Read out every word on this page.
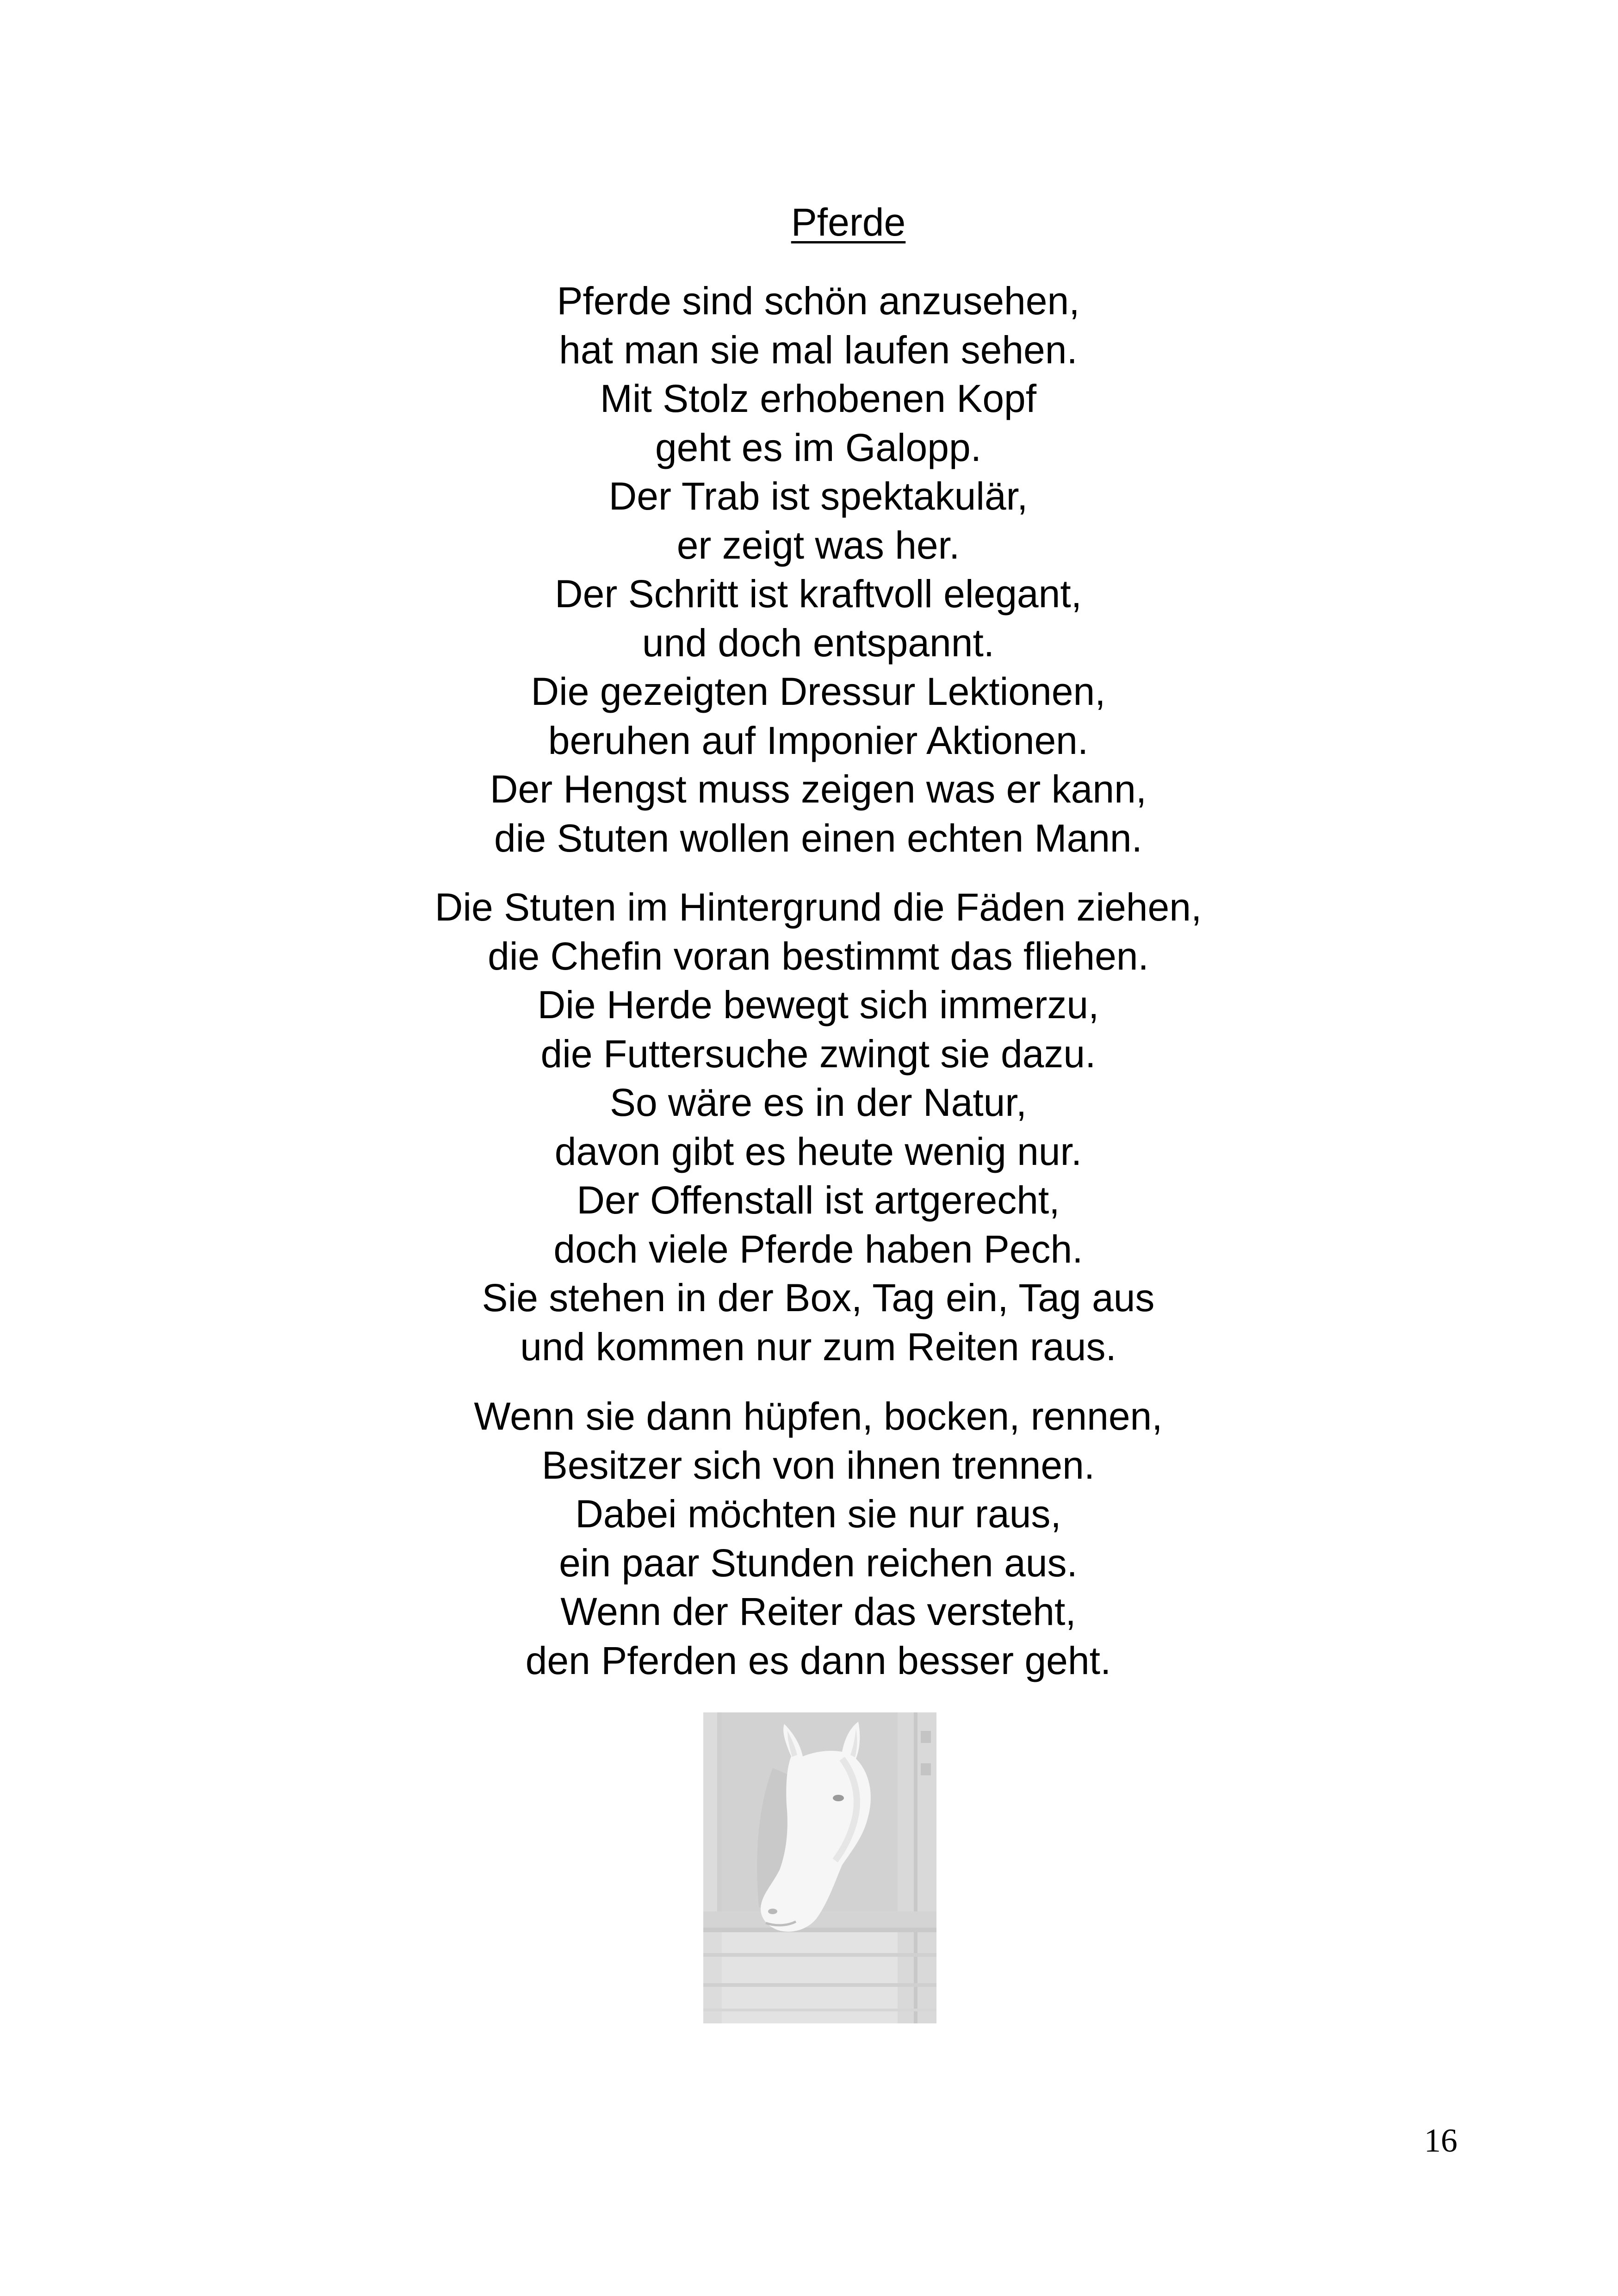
Pferde
Pferde sind schön anzusehen,
hat man sie mal laufen sehen.
Mit Stolz erhobenen Kopf
geht es im Galopp.
Der Trab ist spektakulär,
er zeigt was her.
Der Schritt ist kraftvoll elegant,
und doch entspannt.
Die gezeigten Dressur Lektionen,
beruhen auf Imponier Aktionen.
Der Hengst muss zeigen was er kann,
die Stuten wollen einen echten Mann.
Die Stuten im Hintergrund die Fäden ziehen,
die Chefin voran bestimmt das fliehen.
Die Herde bewegt sich immerzu,
die Futtersuche zwingt sie dazu.
So wäre es in der Natur,
davon gibt es heute wenig nur.
Der Offenstall ist artgerecht,
doch viele Pferde haben Pech.
Sie stehen in der Box, Tag ein, Tag aus
und kommen nur zum Reiten raus.
Wenn sie dann hüpfen, bocken, rennen,
Besitzer sich von ihnen trennen.
Dabei möchten sie nur raus,
ein paar Stunden reichen aus.
Wenn der Reiter das versteht,
den Pferden es dann besser geht.
16
